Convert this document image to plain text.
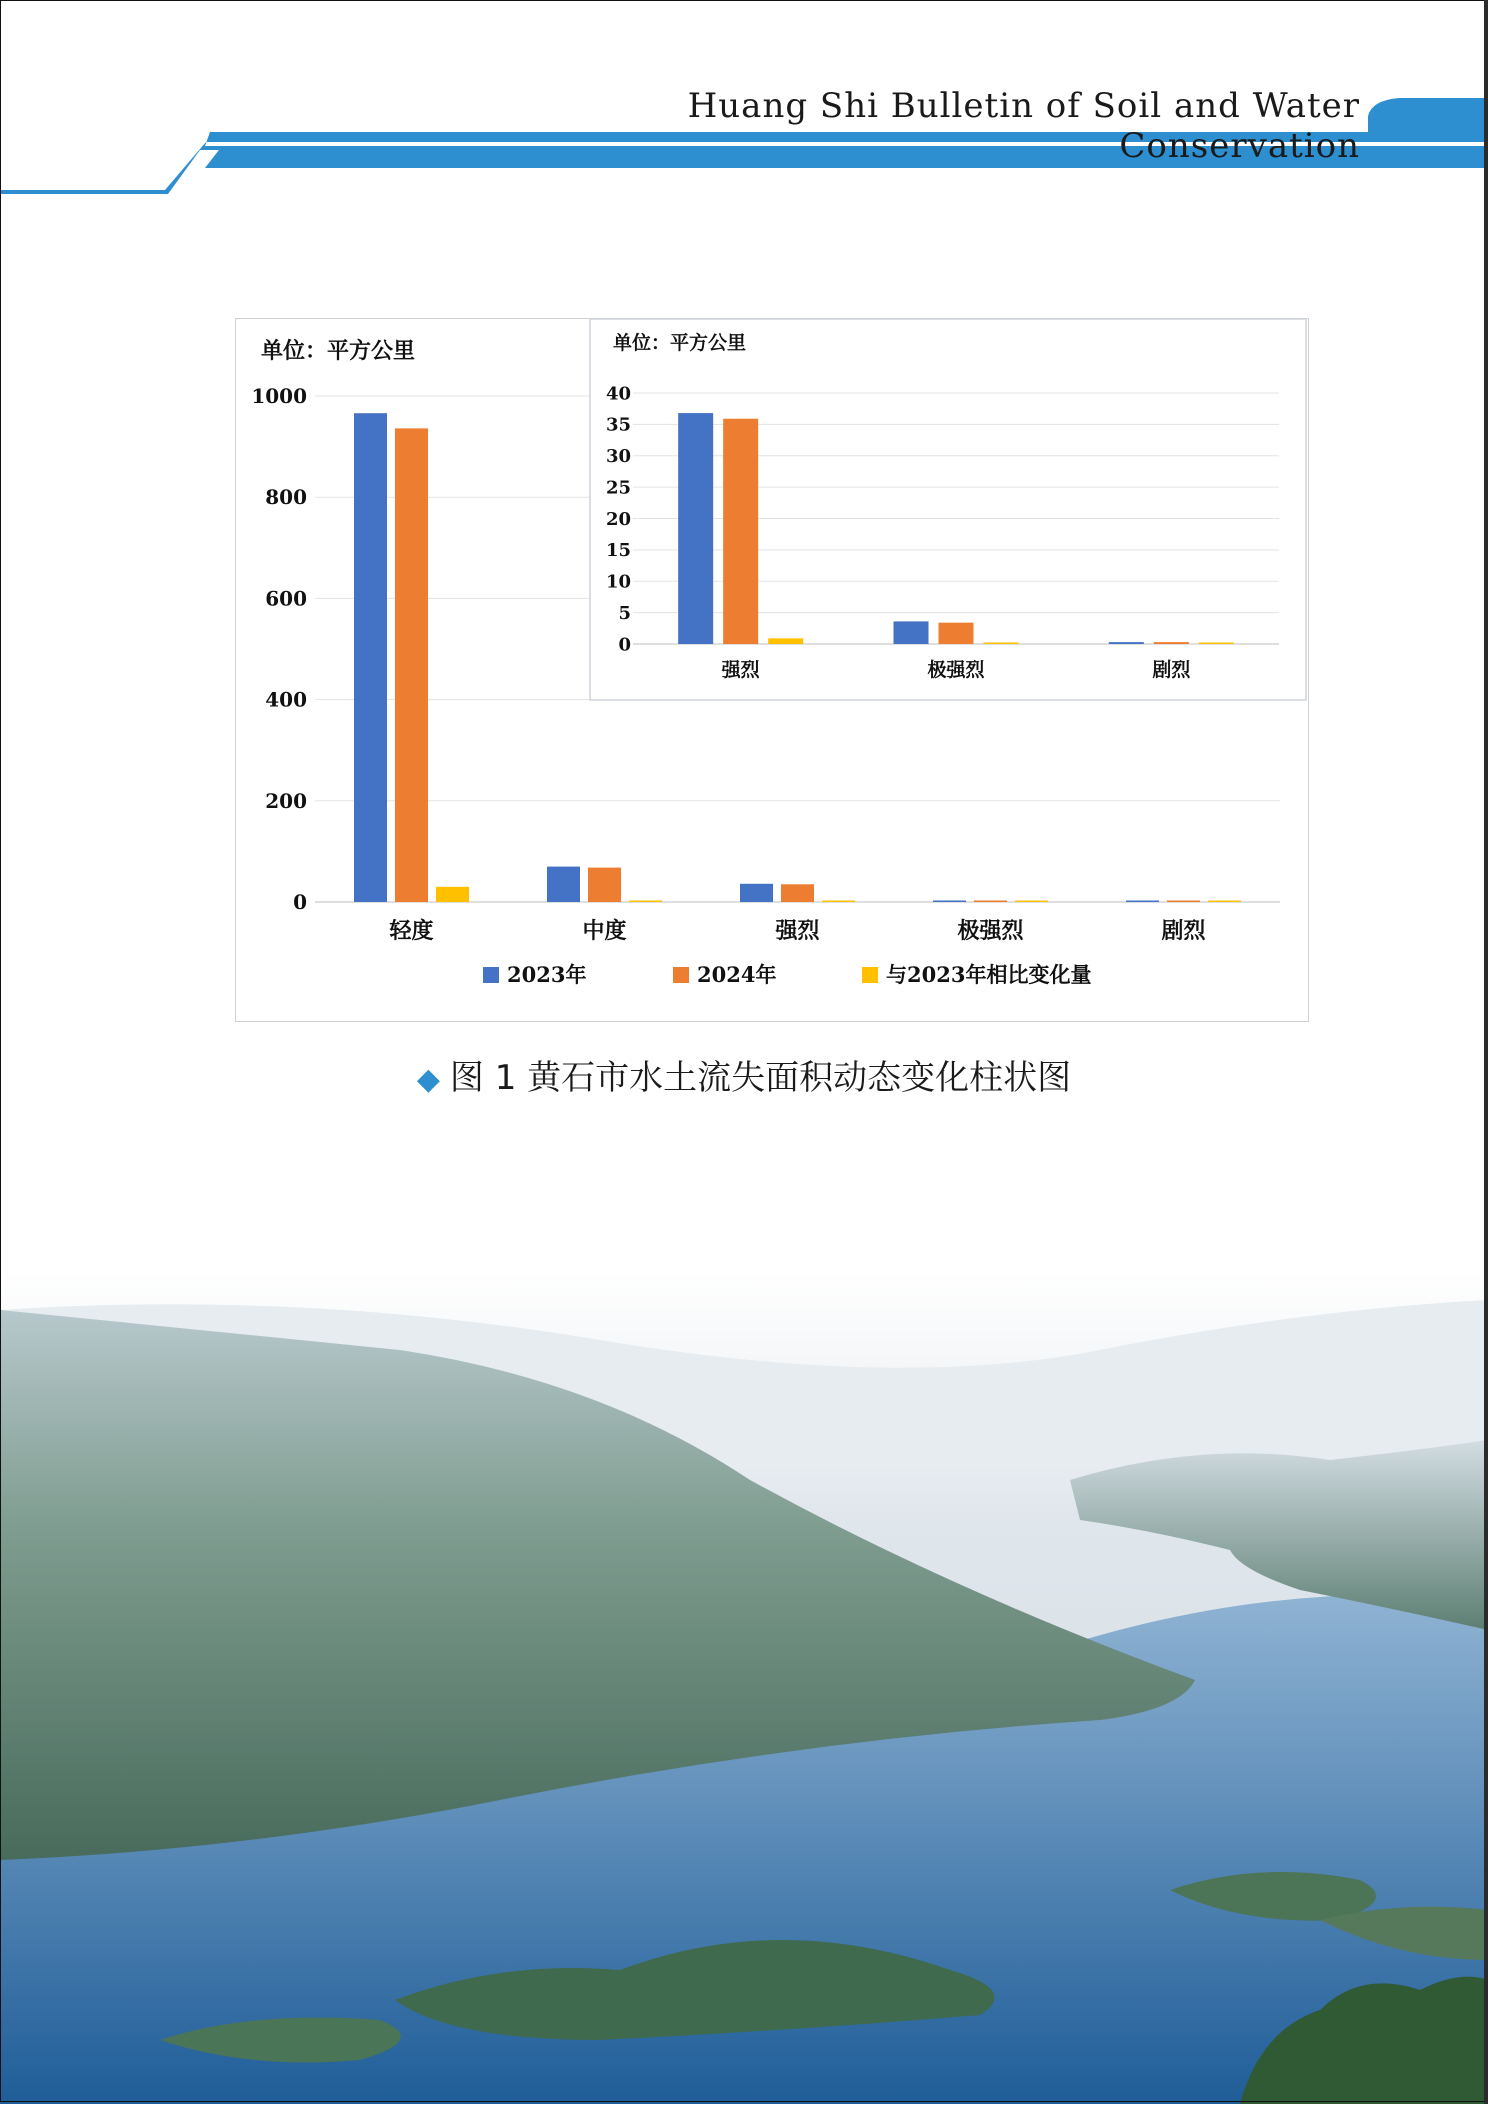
Huang Shi Bulletin of Soil and Water Conservation
单位：平方公里
0
200
400
600
800
1000
轻度	中度	强烈	极强烈	剧烈
2023年	2024年	与2023年相比变化量
单位：平方公里
0
5
10
15
20
25
30
35
40
强烈	极强烈	剧烈
◆ 图 1 黄石市水土流失面积动态变化柱状图
